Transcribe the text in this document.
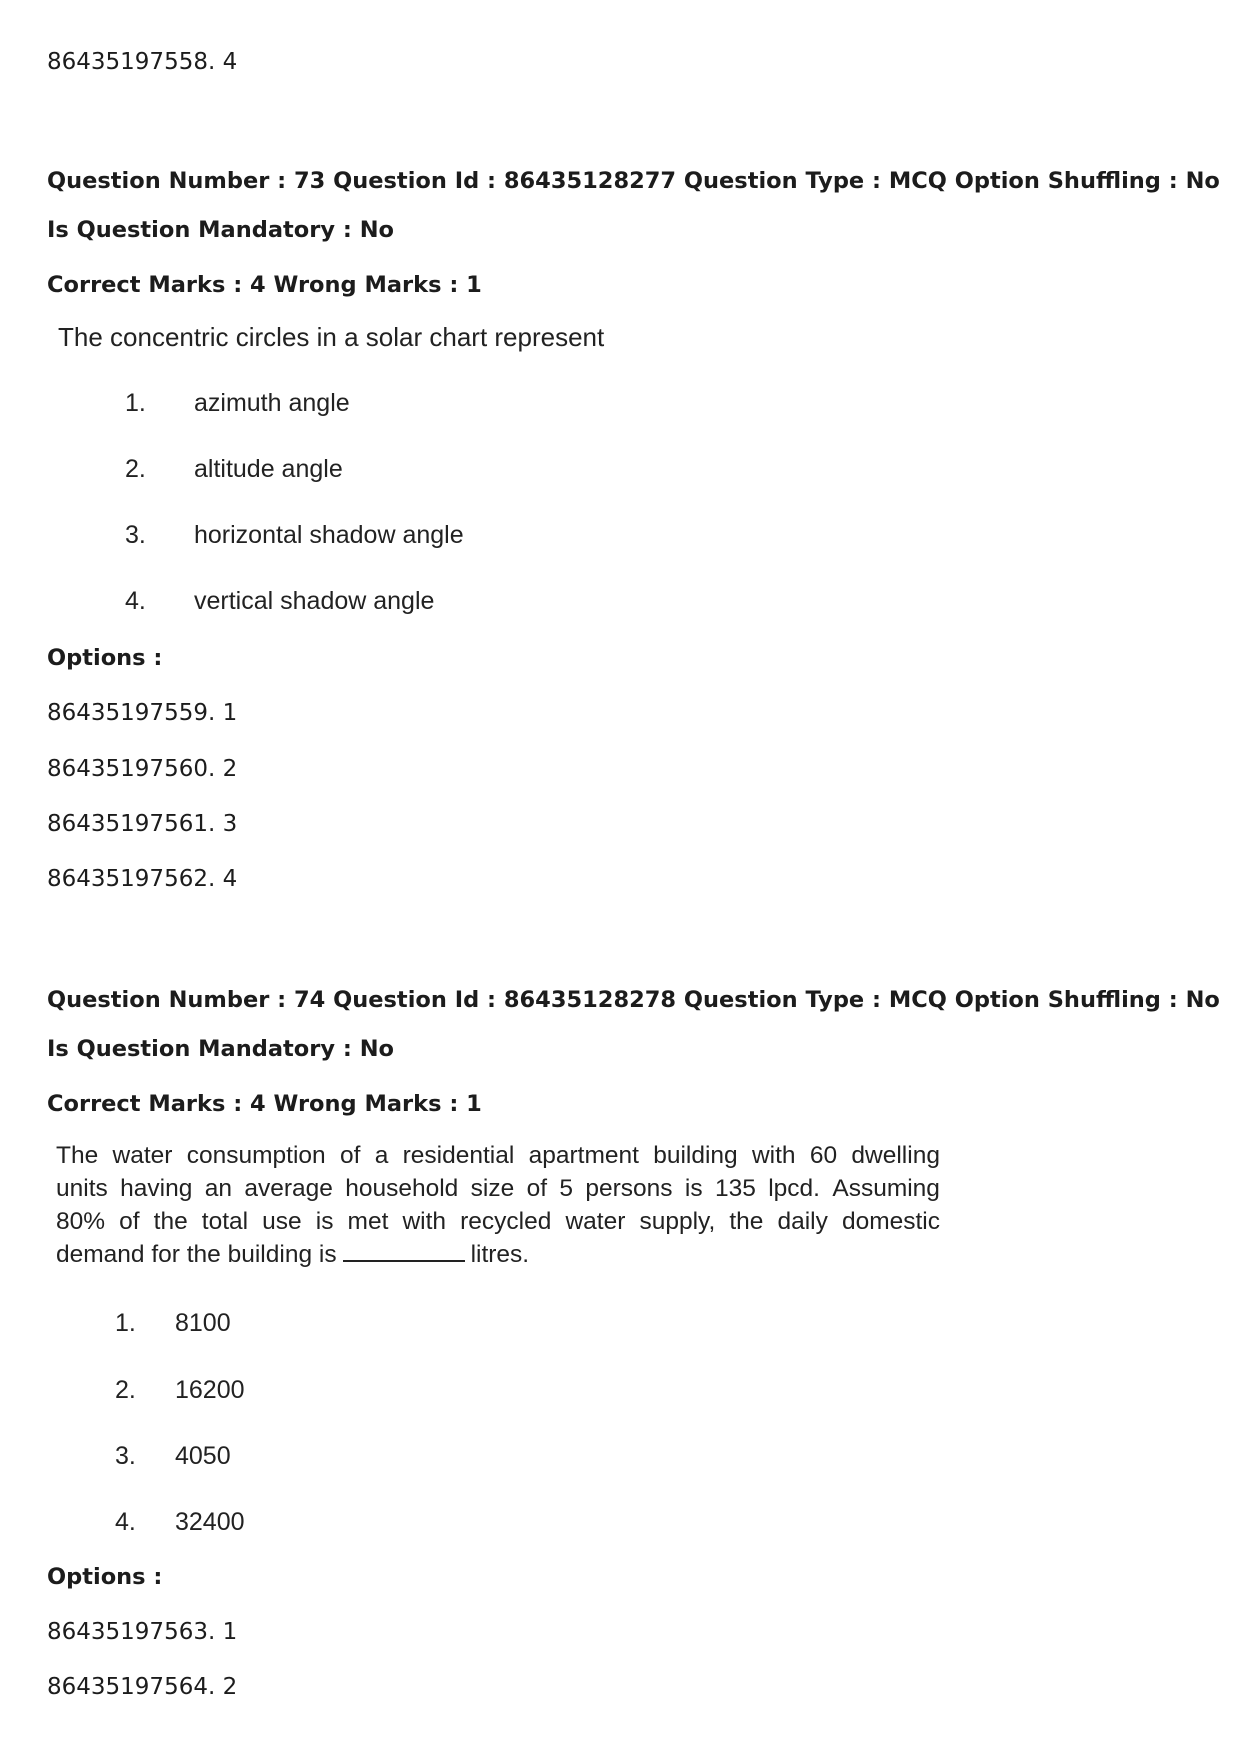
86435197558. 4

Question Number : 73 Question Id : 86435128277 Question Type : MCQ Option Shuffling : No

Is Question Mandatory : No

Correct Marks : 4 Wrong Marks : 1

The concentric circles in a solar chart represent
1. azimuth angle
2. altitude angle
3. horizontal shadow angle
4. vertical shadow angle

Options :

86435197559. 1

86435197560. 2

86435197561. 3

86435197562. 4

Question Number : 74 Question Id : 86435128278 Question Type : MCQ Option Shuffling : No

Is Question Mandatory : No

Correct Marks : 4 Wrong Marks : 1

The water consumption of a residential apartment building with 60 dwelling
units having an average household size of 5 persons is 135 lpcd. Assuming
80% of the total use is met with recycled water supply, the daily domestic
demand for the building is	litres.
1. 8100
2. 16200
3. 4050
4. 32400

Options :

86435197563. 1

86435197564. 2
